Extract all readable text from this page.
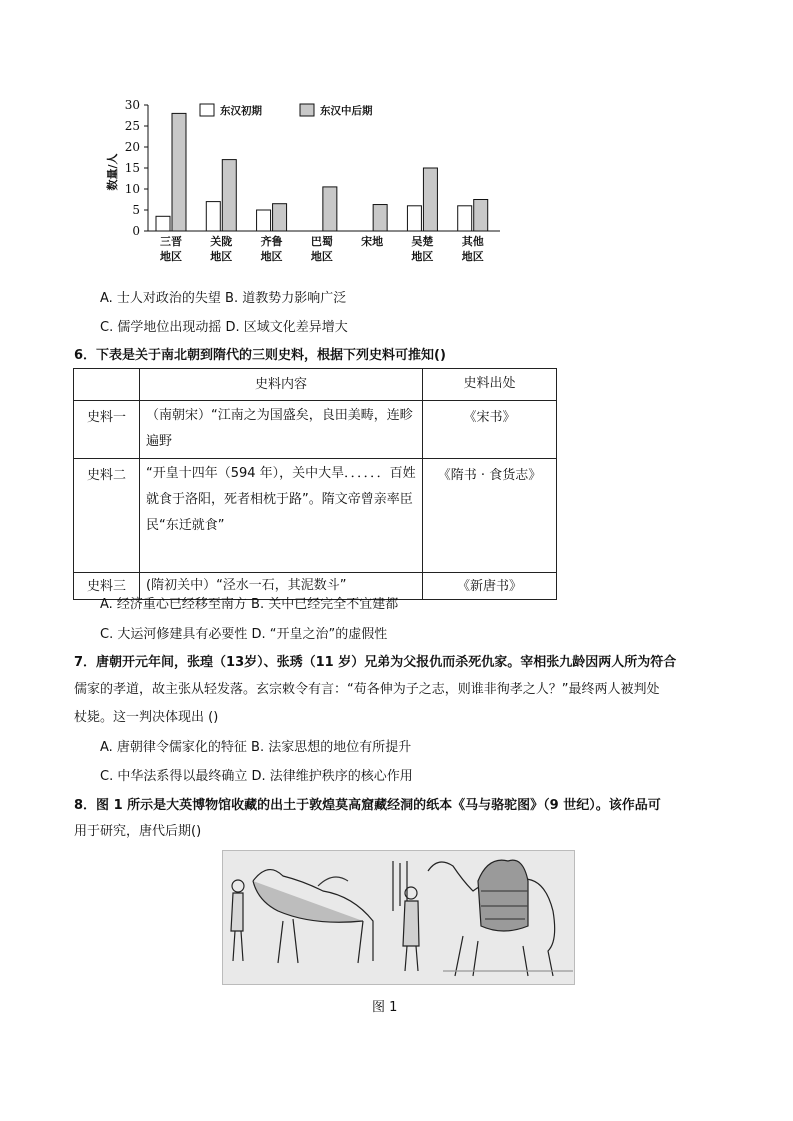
0
5
10
15
20
25
30
三晋
地区
关陇
地区
齐鲁
地区
巴蜀
地区
宋地	吴楚
地区
其他
地区
东汉初期	东汉中后期
数量/人
A. 士人对政治的失望 B. 道教势力影响广泛
C. 儒学地位出现动摇 D. 区域文化差异增大
6．下表是关于南北朝到隋代的三则史料，根据下列史料可推知()
	史料内容	史料出处
史料一	（南朝宋）“江南之为国盛矣，良田美畴，连畛遍野	《宋书》
史料二	“开皇十四年（594 年），关中大旱．．．．．．百姓就食于洛阳，死者相枕于路”。隋文帝曾亲率臣民“东迁就食”	《隋书 · 食货志》
史料三	(隋初关中）“泾水一石，其泥数斗”	《新唐书》
A. 经济重心已经移至南方 B. 关中已经完全不宜建都
C. 大运河修建具有必要性 D. “开皇之治”的虚假性
7．唐朝开元年间，张瑝（13岁）、张琇（11 岁）兄弟为父报仇而杀死仇家。宰相张九龄因两人所为符合
儒家的孝道，故主张从轻发落。玄宗敕令有言：“苟各伸为子之志，则谁非徇孝之人？”最终两人被判处
杖毙。这一判决体现出 ()
A. 唐朝律令儒家化的特征 B. 法家思想的地位有所提升
C. 中华法系得以最终确立 D. 法律维护秩序的核心作用
8．图 1 所示是大英博物馆收藏的出土于敦煌莫高窟藏经洞的纸本《马与骆驼图》（9 世纪）。该作品可
用于研究，唐代后期()
图 1
